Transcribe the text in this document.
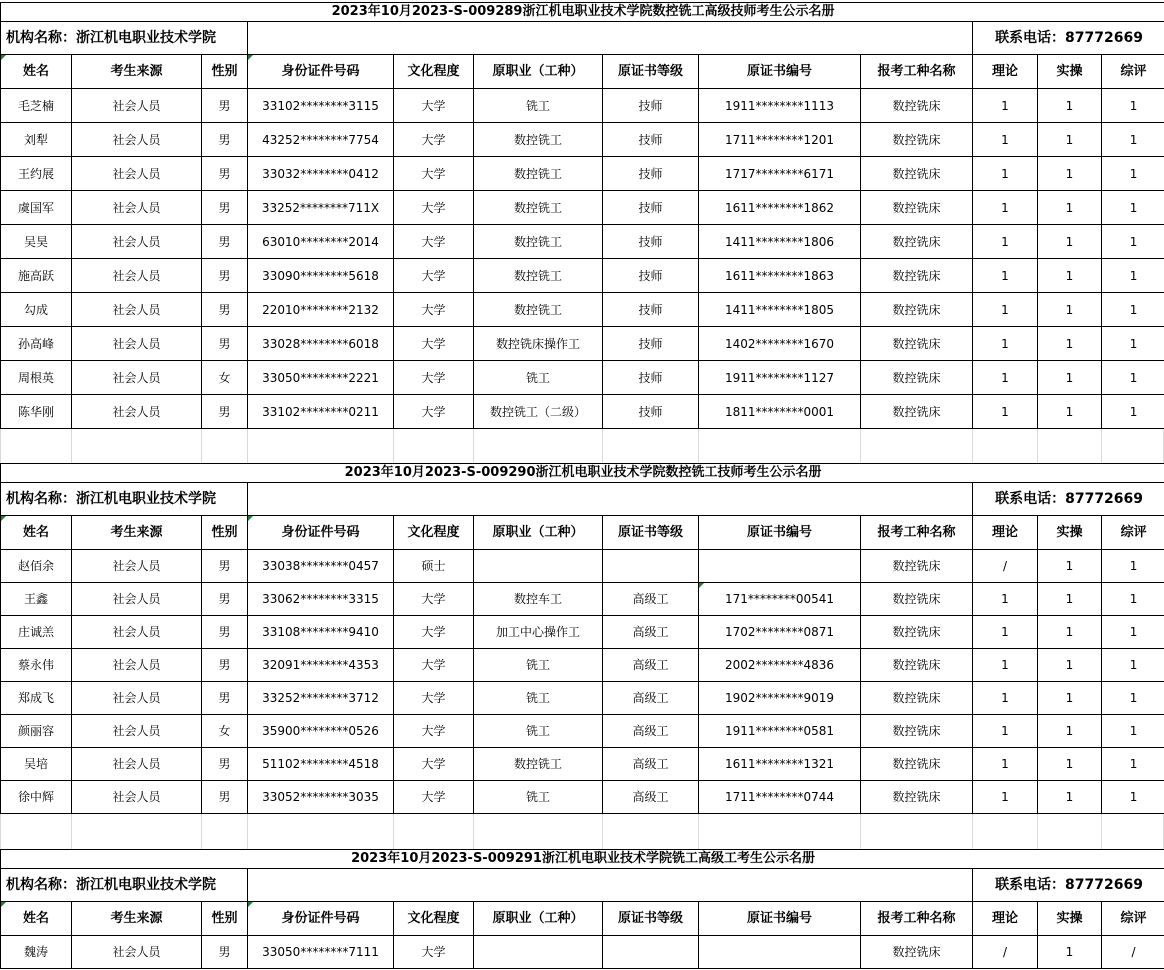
2023年10月2023-S-009289浙江机电职业技术学院数控铣工高级技师考生公示名册											
机构名称：浙江机电职业技术学院									联系电话：87772669		
姓名	考生来源	性别	身份证件号码	文化程度	原职业（工种）	原证书等级	原证书编号	报考工种名称	理论	实操	综评
毛芝楠	社会人员	男	33102********3115	大学	铣工	技师	1911********1113	数控铣床	1	1	1
刘犁	社会人员	男	43252********7754	大学	数控铣工	技师	1711********1201	数控铣床	1	1	1
王约展	社会人员	男	33032********0412	大学	数控铣工	技师	1717********6171	数控铣床	1	1	1
虞国军	社会人员	男	33252********711X	大学	数控铣工	技师	1611********1862	数控铣床	1	1	1
吴昊	社会人员	男	63010********2014	大学	数控铣工	技师	1411********1806	数控铣床	1	1	1
施高跃	社会人员	男	33090********5618	大学	数控铣工	技师	1611********1863	数控铣床	1	1	1
勾成	社会人员	男	22010********2132	大学	数控铣工	技师	1411********1805	数控铣床	1	1	1
孙高峰	社会人员	男	33028********6018	大学	数控铣床操作工	技师	1402********1670	数控铣床	1	1	1
周根英	社会人员	女	33050********2221	大学	铣工	技师	1911********1127	数控铣床	1	1	1
陈华刚	社会人员	男	33102********0211	大学	数控铣工（二级）	技师	1811********0001	数控铣床	1	1	1
2023年10月2023-S-009290浙江机电职业技术学院数控铣工技师考生公示名册											
机构名称：浙江机电职业技术学院									联系电话：87772669		
姓名	考生来源	性别	身份证件号码	文化程度	原职业（工种）	原证书等级	原证书编号	报考工种名称	理论	实操	综评
赵佰余	社会人员	男	33038********0457	硕士				数控铣床	/	1	1
王鑫	社会人员	男	33062********3315	大学	数控车工	高级工	171********00541	数控铣床	1	1	1
庄诚羔	社会人员	男	33108********9410	大学	加工中心操作工	高级工	1702********0871	数控铣床	1	1	1
蔡永伟	社会人员	男	32091********4353	大学	铣工	高级工	2002********4836	数控铣床	1	1	1
郑成飞	社会人员	男	33252********3712	大学	铣工	高级工	1902********9019	数控铣床	1	1	1
颜丽容	社会人员	女	35900********0526	大学	铣工	高级工	1911********0581	数控铣床	1	1	1
吴培	社会人员	男	51102********4518	大学	数控铣工	高级工	1611********1321	数控铣床	1	1	1
徐中辉	社会人员	男	33052********3035	大学	铣工	高级工	1711********0744	数控铣床	1	1	1
2023年10月2023-S-009291浙江机电职业技术学院铣工高级工考生公示名册											
机构名称：浙江机电职业技术学院									联系电话：87772669		
姓名	考生来源	性别	身份证件号码	文化程度	原职业（工种）	原证书等级	原证书编号	报考工种名称	理论	实操	综评
魏涛	社会人员	男	33050********7111	大学				数控铣床	/	1	/
